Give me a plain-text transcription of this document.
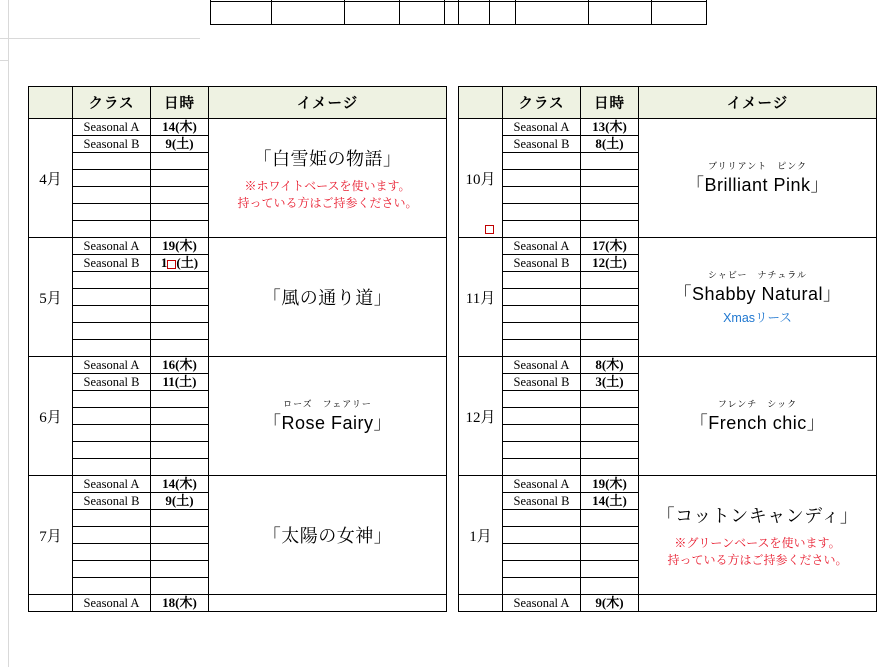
	クラス	日時	イメージ
4月	Seasonal A	14(木)	「白雪姫の物語」
※ホワイトベースを使います。
持っている方はご持参ください。

	Seasonal B	9(土)	

5月	Seasonal A	19(木)	「風の通り道」

	Seasonal B	1 (土)	

6月	Seasonal A	16(木)	ローズ　フェアリー
「Rose Fairy」

	Seasonal B	11(土)	

7月	Seasonal A	14(木)	「太陽の女神」

	Seasonal B	9(土)	

	Seasonal A	18(木)	
	クラス	日時	イメージ
10月	Seasonal A	13(木)	ブリリアント　ピンク
「Brilliant Pink」

	Seasonal B	8(土)	

11月	Seasonal A	17(木)	シャビー　ナチュラル
「Shabby Natural」
Xmasリース

	Seasonal B	12(土)	

12月	Seasonal A	8(木)	フレンチ　シック
「French chic」

	Seasonal B	3(土)	

1月	Seasonal A	19(木)	「コットンキャンディ」
※グリーンベースを使います。
持っている方はご持参ください。

	Seasonal B	14(土)	

	Seasonal A	9(木)	
